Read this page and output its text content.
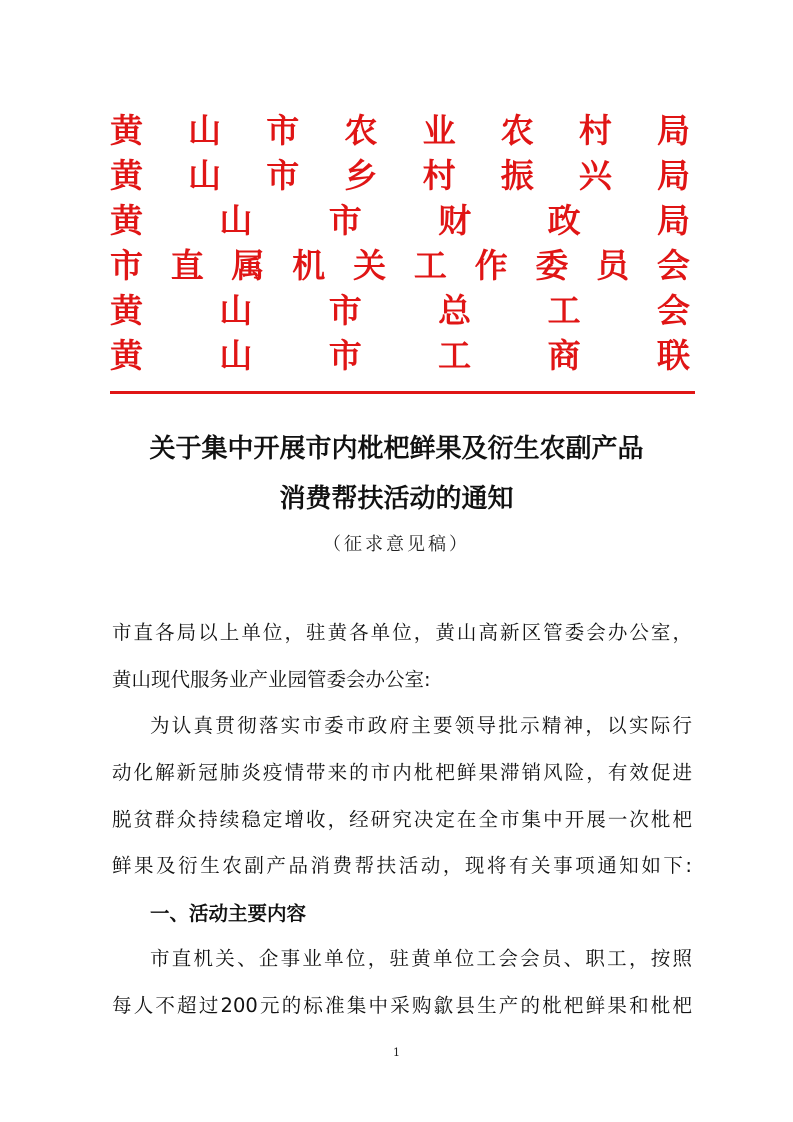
黄 山 市 农 业 农 村 局
黄 山 市 乡 村 振 兴 局
黄 山 市 财 政 局
市 直 属 机 关 工 作 委 员 会
黄 山 市 总 工 会
黄 山 市 工 商 联
关于集中开展市内枇杷鲜果及衍生农副产品
消费帮扶活动的通知
（征求意见稿）
市直各局以上单位，驻黄各单位，黄山高新区管委会办公室，
黄山现代服务业产业园管委会办公室:
为认真贯彻落实市委市政府主要领导批示精神，以实际行
动化解新冠肺炎疫情带来的市内枇杷鲜果滞销风险，有效促进
脱贫群众持续稳定增收，经研究决定在全市集中开展一次枇杷
鲜果及衍生农副产品消费帮扶活动，现将有关事项通知如下:
一、活动主要内容
市直机关、企事业单位，驻黄单位工会会员、职工，按照
每人不超过200元的标准集中采购歙县生产的枇杷鲜果和枇杷
1
